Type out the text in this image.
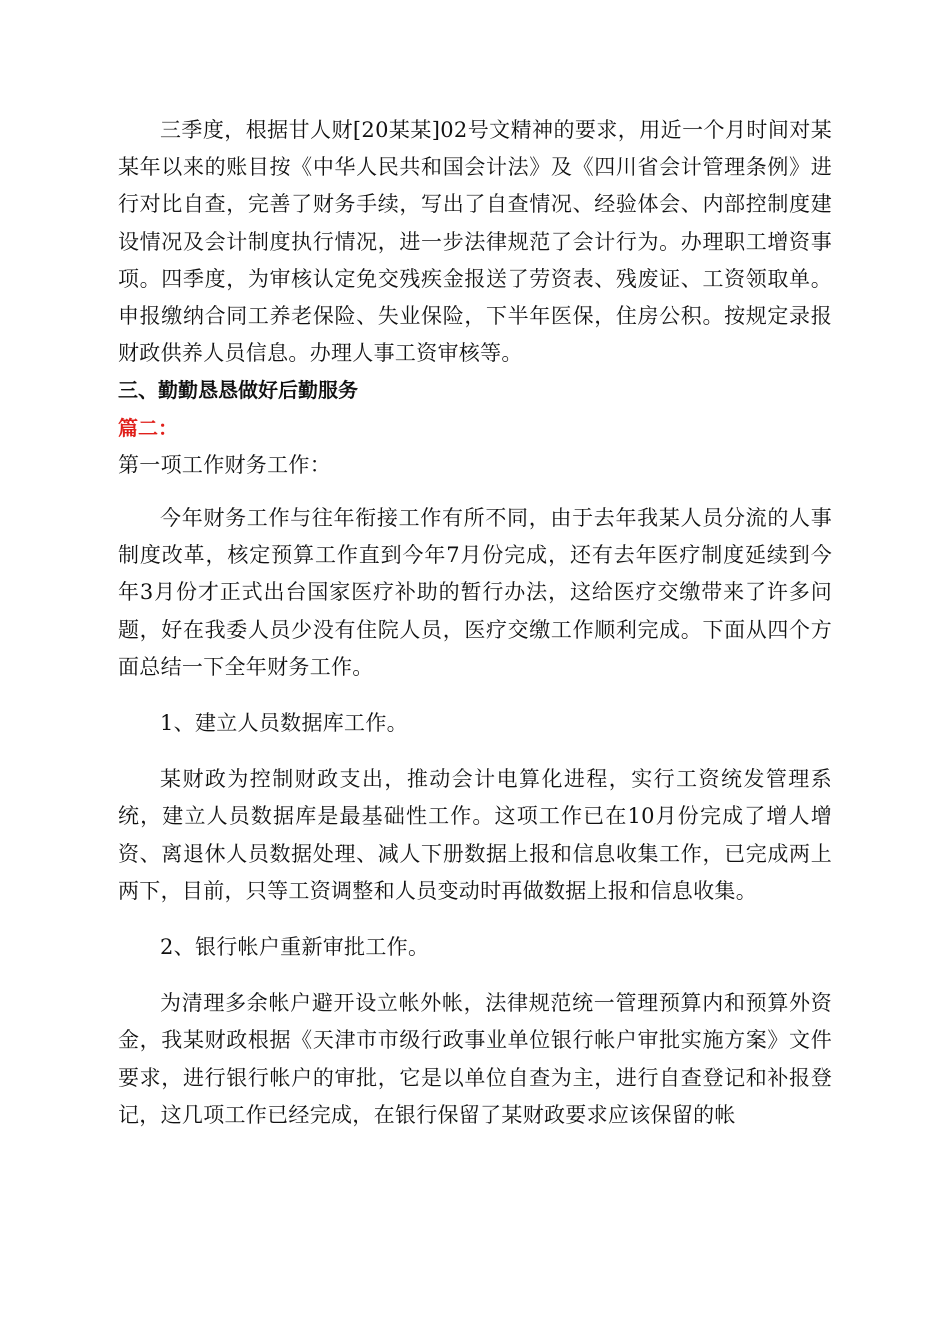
三季度，根据甘人财[20某某]02号文精神的要求，用近一个月时间对某某年以来的账目按《中华人民共和国会计法》及《四川省会计管理条例》进行对比自查，完善了财务手续，写出了自查情况、经验体会、内部控制度建设情况及会计制度执行情况，进一步法律规范了会计行为。办理职工增资事项。四季度，为审核认定免交残疾金报送了劳资表、残废证、工资领取单。申报缴纳合同工养老保险、失业保险，下半年医保，住房公积。按规定录报财政供养人员信息。办理人事工资审核等。

三、勤勤恳恳做好后勤服务

篇二：

第一项工作财务工作：

今年财务工作与往年衔接工作有所不同，由于去年我某人员分流的人事制度改革，核定预算工作直到今年7月份完成，还有去年医疗制度延续到今年3月份才正式出台国家医疗补助的暂行办法，这给医疗交缴带来了许多问题，好在我委人员少没有住院人员，医疗交缴工作顺利完成。下面从四个方面总结一下全年财务工作。

1、建立人员数据库工作。

某财政为控制财政支出，推动会计电算化进程，实行工资统发管理系统，建立人员数据库是最基础性工作。这项工作已在10月份完成了增人增资、离退休人员数据处理、减人下册数据上报和信息收集工作，已完成两上两下，目前，只等工资调整和人员变动时再做数据上报和信息收集。

2、银行帐户重新审批工作。

为清理多余帐户避开设立帐外帐，法律规范统一管理预算内和预算外资金，我某财政根据《天津市市级行政事业单位银行帐户审批实施方案》文件要求，进行银行帐户的审批，它是以单位自查为主，进行自查登记和补报登记，这几项工作已经完成，在银行保留了某财政要求应该保留的帐
